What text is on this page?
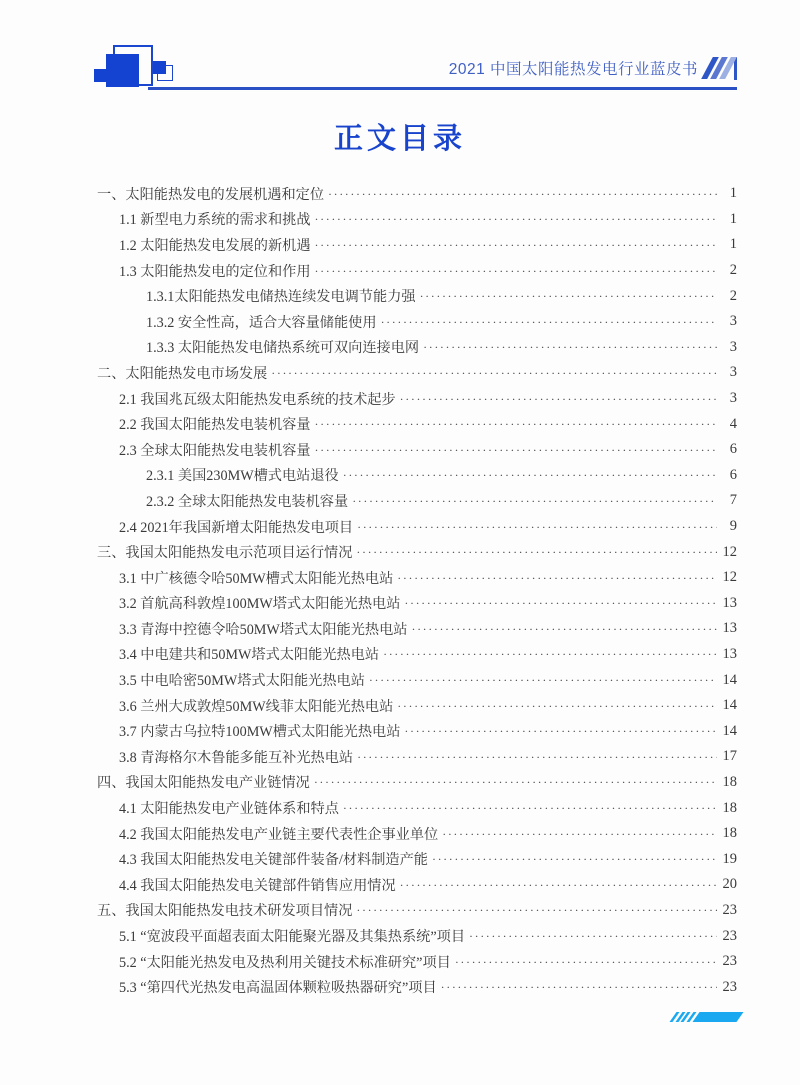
2021 中国太阳能热发电行业蓝皮书
正文目录
一、太阳能热发电的发展机遇和定位 ·····	1
1.1 新型电力系统的需求和挑战 ·····	1
1.2 太阳能热发电发展的新机遇 ·····	1
1.3 太阳能热发电的定位和作用 ·····	2
1.3.1太阳能热发电储热连续发电调节能力强 ·····	2
1.3.2 安全性高，适合大容量储能使用 ·····	3
1.3.3 太阳能热发电储热系统可双向连接电网 ·····	3
二、太阳能热发电市场发展 ·····	3
2.1 我国兆瓦级太阳能热发电系统的技术起步 ·····	3
2.2 我国太阳能热发电装机容量 ·····	4
2.3 全球太阳能热发电装机容量 ·····	6
2.3.1 美国230MW槽式电站退役 ·····	6
2.3.2 全球太阳能热发电装机容量 ·····	7
2.4 2021年我国新增太阳能热发电项目 ·····	9
三、我国太阳能热发电示范项目运行情况 ·····	12
3.1 中广核德令哈50MW槽式太阳能光热电站 ·····	12
3.2 首航高科敦煌100MW塔式太阳能光热电站 ·····	13
3.3 青海中控德令哈50MW塔式太阳能光热电站 ·····	13
3.4 中电建共和50MW塔式太阳能光热电站 ·····	13
3.5 中电哈密50MW塔式太阳能光热电站 ·····	14
3.6 兰州大成敦煌50MW线菲太阳能光热电站 ·····	14
3.7 内蒙古乌拉特100MW槽式太阳能光热电站 ·····	14
3.8 青海格尔木鲁能多能互补光热电站 ·····	17
四、我国太阳能热发电产业链情况 ·····	18
4.1 太阳能热发电产业链体系和特点 ·····	18
4.2 我国太阳能热发电产业链主要代表性企事业单位 ·····	18
4.3 我国太阳能热发电关键部件装备/材料制造产能 ·····	19
4.4 我国太阳能热发电关键部件销售应用情况 ·····	20
五、我国太阳能热发电技术研发项目情况 ·····	23
5.1 “宽波段平面超表面太阳能聚光器及其集热系统”项目 ·····	23
5.2 “太阳能光热发电及热利用关键技术标准研究”项目 ·····	23
5.3 “第四代光热发电高温固体颗粒吸热器研究”项目 ·····	23
